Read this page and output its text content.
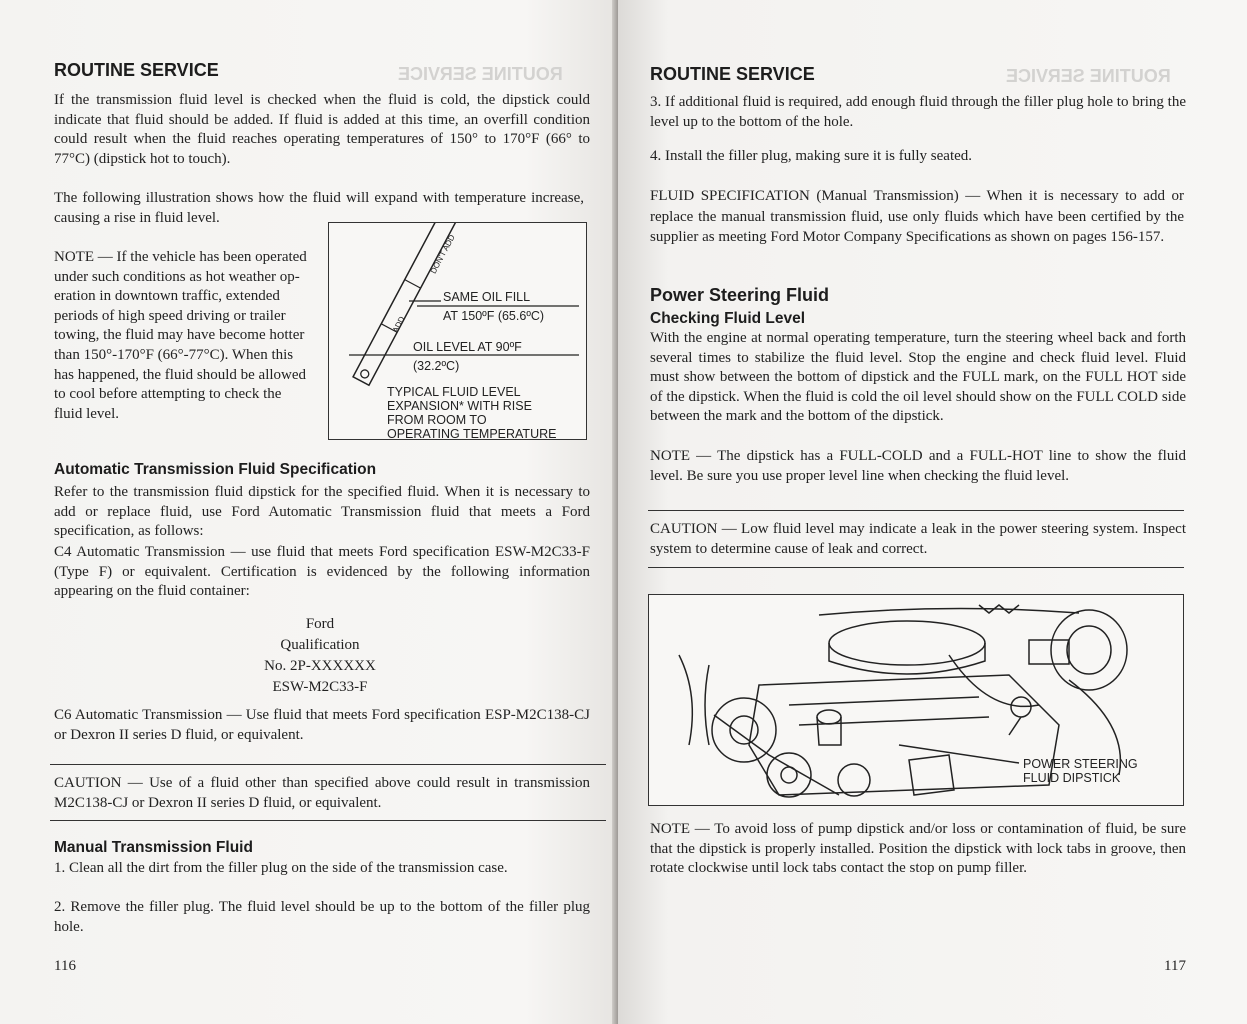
ROUTINE SERVICE
ROUTINE SERVICE

If the transmission fluid level is checked when the fluid is cold, the dipstick could indicate that fluid should be added. If fluid is added at this time, an overfill condition could result when the fluid reaches operating temperatures of 150° to 170°F (66° to 77°C) (dipstick hot to touch).

The following illustration shows how the fluid will expand with temperature increase, causing a rise in fluid level.

NOTE — If the vehicle has been operated
under such conditions as hot weather op-
eration in downtown traffic, extended
periods of high speed driving or trailer
towing, the fluid may have become hotter
than 150°-170°F (66°-77°C). When this
has happened, the fluid should be allowed
to cool before attempting to check the
fluid level.
DON'T ADD
ADD
SAME OIL FILL
AT 150ºF (65.6ºC)
OIL LEVEL AT 90ºF
(32.2ºC)
TYPICAL FLUID LEVEL
EXPANSION* WITH RISE
FROM ROOM TO
OPERATING TEMPERATURE
Automatic Transmission Fluid Specification

Refer to the transmission fluid dipstick for the specified fluid. When it is necessary to add or replace fluid, use Ford Automatic Transmission fluid that meets a Ford specification, as follows:

C4 Automatic Transmission — use fluid that meets Ford specification ESW-M2C33-F (Type F) or equivalent. Certification is evidenced by the following information appearing on the fluid container:

Ford
Qualification
No. 2P-XXXXXX
ESW-M2C33-F

C6 Automatic Transmission — Use fluid that meets Ford specification ESP-M2C138-CJ or Dexron II series D fluid, or equivalent.

CAUTION — Use of a fluid other than specified above could result in transmission M2C138-CJ or Dexron II series D fluid, or equivalent.

Manual Transmission Fluid

1. Clean all the dirt from the filler plug on the side of the transmission case.

2. Remove the filler plug. The fluid level should be up to the bottom of the filler plug hole.

116
ROUTINE SERVICE
ROUTINE SERVICE

3. If additional fluid is required, add enough fluid through the filler plug hole to bring the level up to the bottom of the hole.

4. Install the filler plug, making sure it is fully seated.

FLUID SPECIFICATION (Manual Transmission) — When it is necessary to add or replace the manual transmission fluid, use only fluids which have been certified by the supplier as meeting Ford Motor Company Specifications as shown on pages 156-157.

Power Steering Fluid
Checking Fluid Level

With the engine at normal operating temperature, turn the steering wheel back and forth several times to stabilize the fluid level. Stop the engine and check fluid level. Fluid must show between the bottom of dipstick and the FULL mark, on the FULL HOT side of the dipstick. When the fluid is cold the oil level should show on the FULL COLD side between the mark and the bottom of the dipstick.

NOTE — The dipstick has a FULL-COLD and a FULL-HOT line to show the fluid level. Be sure you use proper level line when checking the fluid level.

CAUTION — Low fluid level may indicate a leak in the power steering system. Inspect system to determine cause of leak and correct.

POWER STEERING
FLUID DIPSTICK

NOTE — To avoid loss of pump dipstick and/or loss or contamination of fluid, be sure that the dipstick is properly installed. Position the dipstick with lock tabs in groove, then rotate clockwise until lock tabs contact the stop on pump filler.

117
